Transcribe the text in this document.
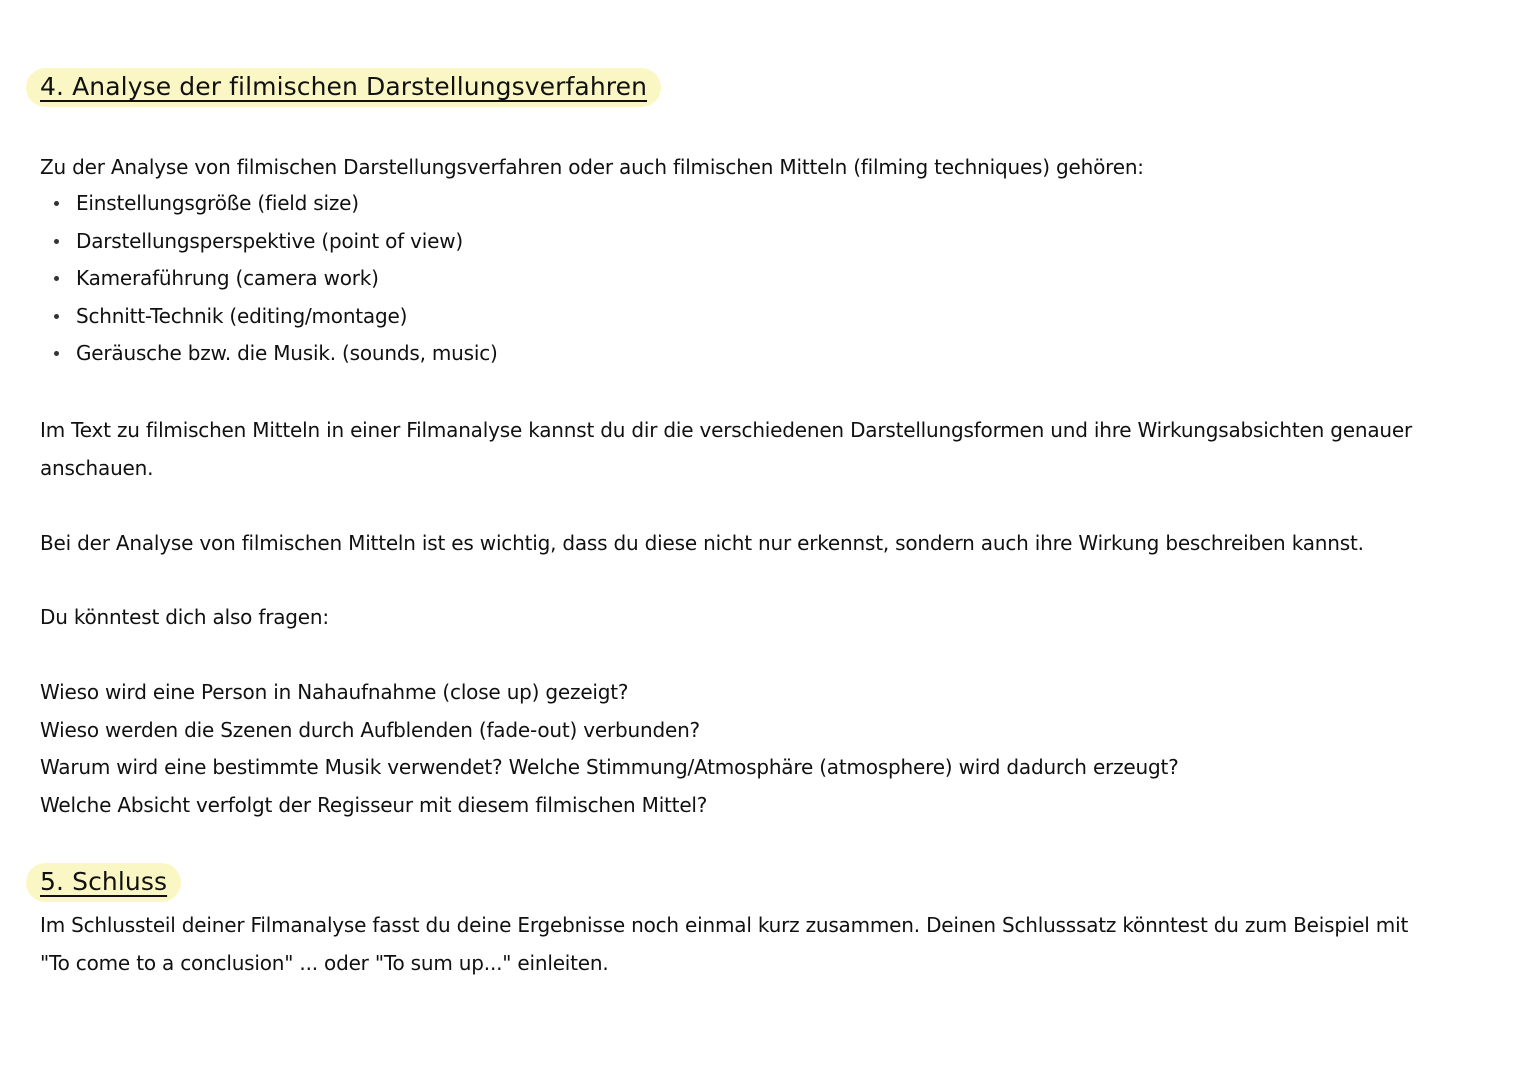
4. Analyse der filmischen Darstellungsverfahren
Zu der Analyse von filmischen Darstellungsverfahren oder auch filmischen Mitteln (filming techniques) gehören:
Einstellungsgröße (field size)
Darstellungsperspektive (point of view)
Kameraführung (camera work)
Schnitt-Technik (editing/montage)
Geräusche bzw. die Musik. (sounds, music)
Im Text zu filmischen Mitteln in einer Filmanalyse kannst du dir die verschiedenen Darstellungsformen und ihre Wirkungsabsichten genauer
anschauen.
Bei der Analyse von filmischen Mitteln ist es wichtig, dass du diese nicht nur erkennst, sondern auch ihre Wirkung beschreiben kannst.
Du könntest dich also fragen:
Wieso wird eine Person in Nahaufnahme (close up) gezeigt?
Wieso werden die Szenen durch Aufblenden (fade-out) verbunden?
Warum wird eine bestimmte Musik verwendet? Welche Stimmung/Atmosphäre (atmosphere) wird dadurch erzeugt?
Welche Absicht verfolgt der Regisseur mit diesem filmischen Mittel?
5. Schluss
Im Schlussteil deiner Filmanalyse fasst du deine Ergebnisse noch einmal kurz zusammen. Deinen Schlusssatz könntest du zum Beispiel mit
"To come to a conclusion" ... oder "To sum up..." einleiten.
